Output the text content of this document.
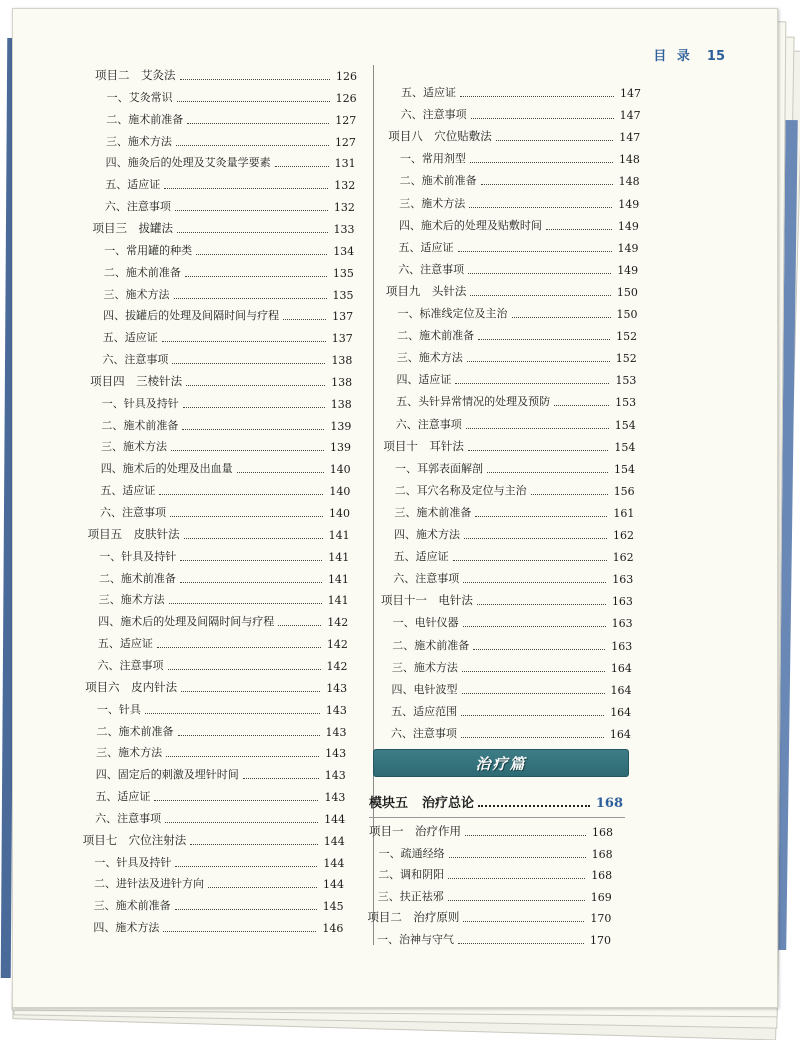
目 录 15
治疗篇
模块五 治疗总论	168
项目二　艾灸法	126
一、艾灸常识	126
二、施术前准备	127
三、施术方法	127
四、施灸后的处理及艾灸量学要素	131
五、适应证	132
六、注意事项	132
项目三　拔罐法	133
一、常用罐的种类	134
二、施术前准备	135
三、施术方法	135
四、拔罐后的处理及间隔时间与疗程	137
五、适应证	137
六、注意事项	138
项目四　三棱针法	138
一、针具及持针	138
二、施术前准备	139
三、施术方法	139
四、施术后的处理及出血量	140
五、适应证	140
六、注意事项	140
项目五　皮肤针法	141
一、针具及持针	141
二、施术前准备	141
三、施术方法	141
四、施术后的处理及间隔时间与疗程	142
五、适应证	142
六、注意事项	142
项目六　皮内针法	143
一、针具	143
二、施术前准备	143
三、施术方法	143
四、固定后的刺激及埋针时间	143
五、适应证	143
六、注意事项	144
项目七　穴位注射法	144
一、针具及持针	144
二、进针法及进针方向	144
三、施术前准备	145
四、施术方法	146
五、适应证	147
六、注意事项	147
项目八　穴位贴敷法	147
一、常用剂型	148
二、施术前准备	148
三、施术方法	149
四、施术后的处理及贴敷时间	149
五、适应证	149
六、注意事项	149
项目九　头针法	150
一、标准线定位及主治	150
二、施术前准备	152
三、施术方法	152
四、适应证	153
五、头针异常情况的处理及预防	153
六、注意事项	154
项目十　耳针法	154
一、耳郭表面解剖	154
二、耳穴名称及定位与主治	156
三、施术前准备	161
四、施术方法	162
五、适应证	162
六、注意事项	163
项目十一　电针法	163
一、电针仪器	163
二、施术前准备	163
三、施术方法	164
四、电针波型	164
五、适应范围	164
六、注意事项	164
项目一　治疗作用	168
一、疏通经络	168
二、调和阴阳	168
三、扶正祛邪	169
项目二　治疗原则	170
一、治神与守气	170
